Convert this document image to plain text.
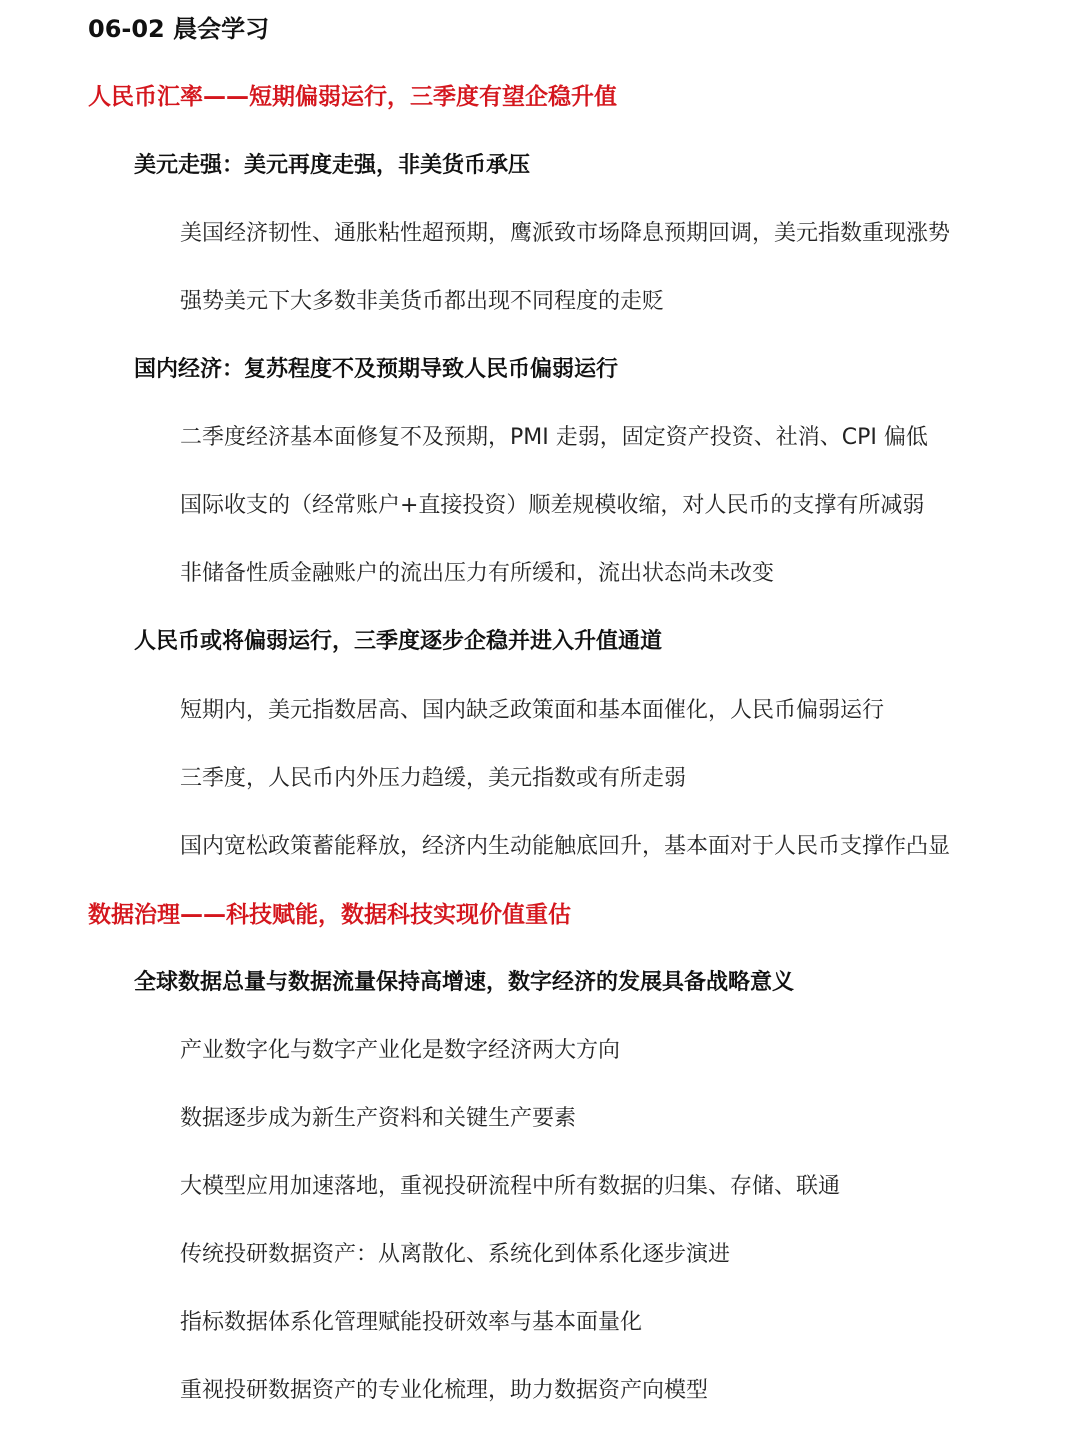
06-02 晨会学习
人民币汇率——短期偏弱运行，三季度有望企稳升值
美元走强：美元再度走强，非美货币承压
美国经济韧性、通胀粘性超预期，鹰派致市场降息预期回调，美元指数重现涨势
强势美元下大多数非美货币都出现不同程度的走贬
国内经济：复苏程度不及预期导致人民币偏弱运行
二季度经济基本面修复不及预期，PMI 走弱，固定资产投资、社消、CPI 偏低
国际收支的（经常账户+直接投资）顺差规模收缩，对人民币的支撑有所减弱
非储备性质金融账户的流出压力有所缓和，流出状态尚未改变
人民币或将偏弱运行，三季度逐步企稳并进入升值通道
短期内，美元指数居高、国内缺乏政策面和基本面催化，人民币偏弱运行
三季度，人民币内外压力趋缓，美元指数或有所走弱
国内宽松政策蓄能释放，经济内生动能触底回升，基本面对于人民币支撑作凸显
数据治理——科技赋能，数据科技实现价值重估
全球数据总量与数据流量保持高增速，数字经济的发展具备战略意义
产业数字化与数字产业化是数字经济两大方向
数据逐步成为新生产资料和关键生产要素
大模型应用加速落地，重视投研流程中所有数据的归集、存储、联通
传统投研数据资产：从离散化、系统化到体系化逐步演进
指标数据体系化管理赋能投研效率与基本面量化
重视投研数据资产的专业化梳理，助力数据资产向模型
